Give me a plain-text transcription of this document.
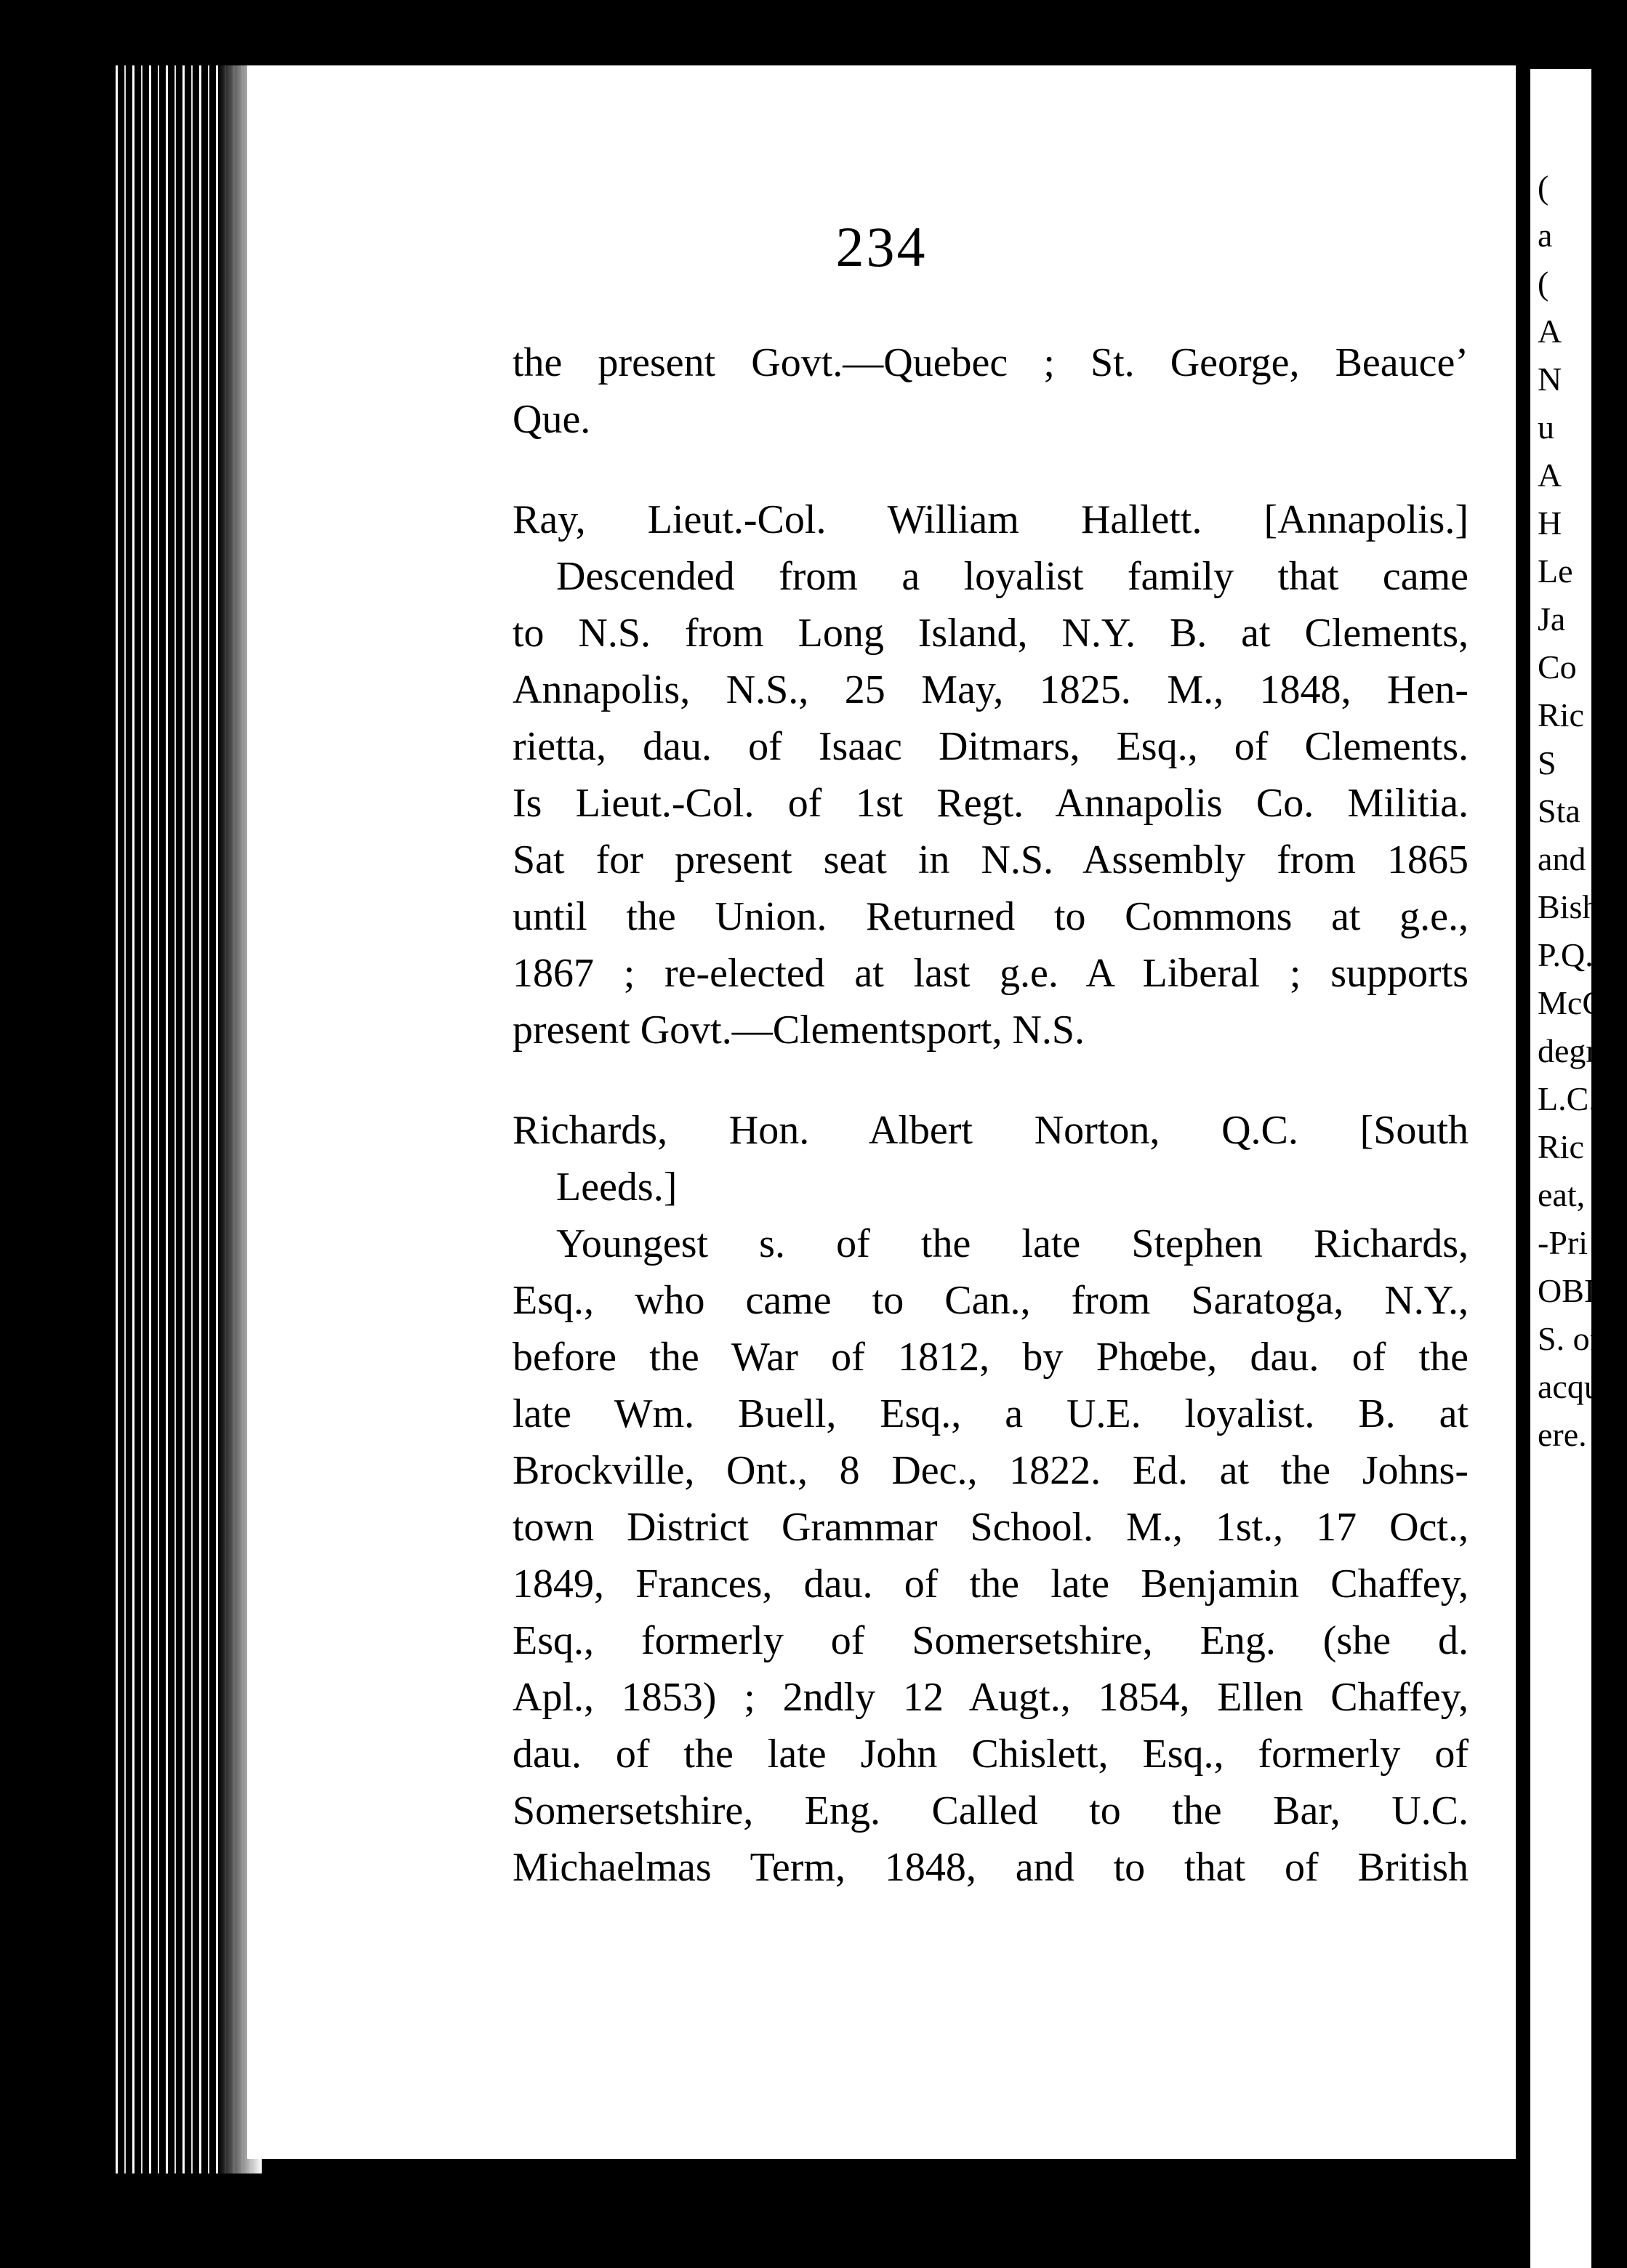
234
the present Govt.—Quebec ; St. George, Beauce’
Que.
Ray, Lieut.-Col. William Hallett. [Annapolis.]
Descended from a loyalist family that came
to N.S. from Long Island, N.Y. B. at Clements,
Annapolis, N.S., 25 May, 1825. M., 1848, Hen-
rietta, dau. of Isaac Ditmars, Esq., of Clements.
Is Lieut.-Col. of 1st Regt. Annapolis Co. Militia.
Sat for present seat in N.S. Assembly from 1865
until the Union. Returned to Commons at g.e.,
1867 ; re-elected at last g.e. A Liberal ; supports
present Govt.—Clementsport, N.S.
Richards, Hon. Albert Norton, Q.C. [South
Leeds.]
Youngest s. of the late Stephen Richards,
Esq., who came to Can., from Saratoga, N.Y.,
before the War of 1812, by Phœbe, dau. of the
late Wm. Buell, Esq., a U.E. loyalist. B. at
Brockville, Ont., 8 Dec., 1822. Ed. at the Johns-
town District Grammar School. M., 1st., 17 Oct.,
1849, Frances, dau. of the late Benjamin Chaffey,
Esq., formerly of Somersetshire, Eng. (she d.
Apl., 1853) ; 2ndly 12 Augt., 1854, Ellen Chaffey,
dau. of the late John Chislett, Esq., formerly of
Somersetshire, Eng. Called to the Bar, U.C.
Michaelmas Term, 1848, and to that of British
(
a
(
A
N
u
A
H
Le
Ja
Co
Ric
S
Sta
and
Bish
P.Q.
McG
degre
L.C.,
Ric
eat, a
-Pri
OBILI
S. of
acque
ere.
